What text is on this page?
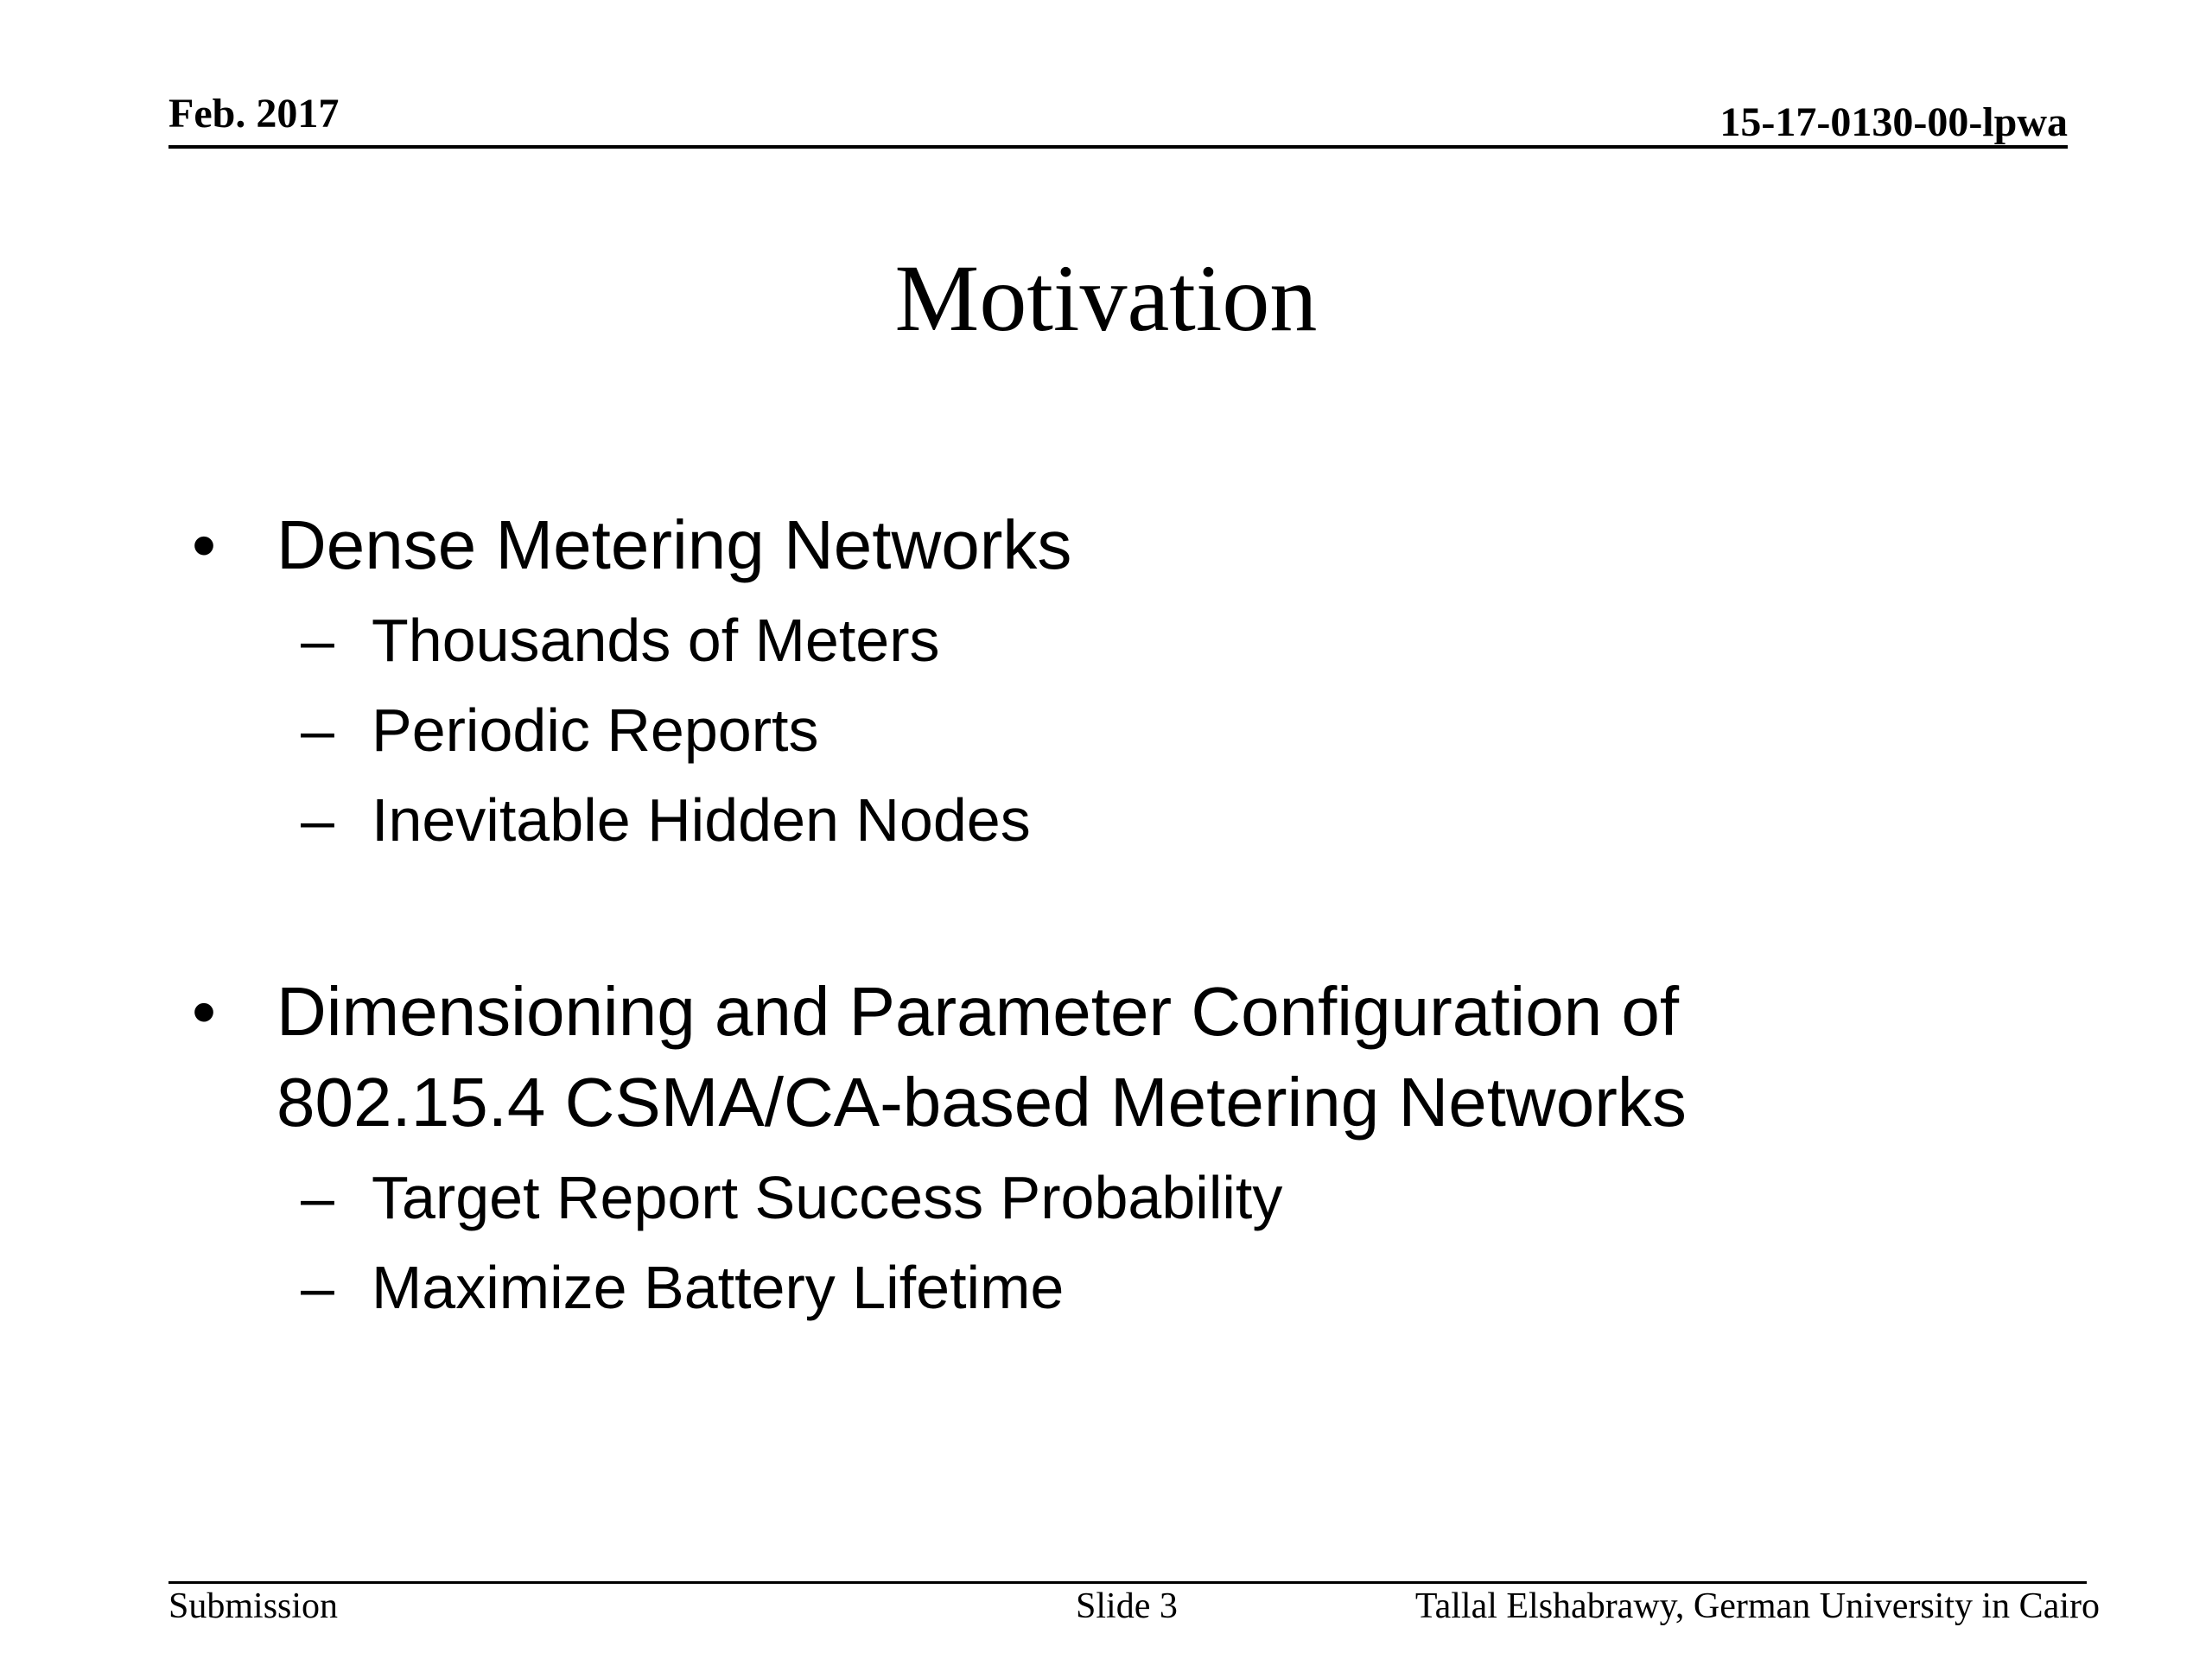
Feb. 2017	15-17-0130-00-lpwa
Motivation
• Dense Metering Networks
– Thousands of Meters
– Periodic Reports
– Inevitable Hidden Nodes
• Dimensioning and Parameter Configuration of
802.15.4 CSMA/CA-based Metering Networks
– Target Report Success Probability
– Maximize Battery Lifetime
Submission	Slide 3	Tallal Elshabrawy, German University in Cairo
